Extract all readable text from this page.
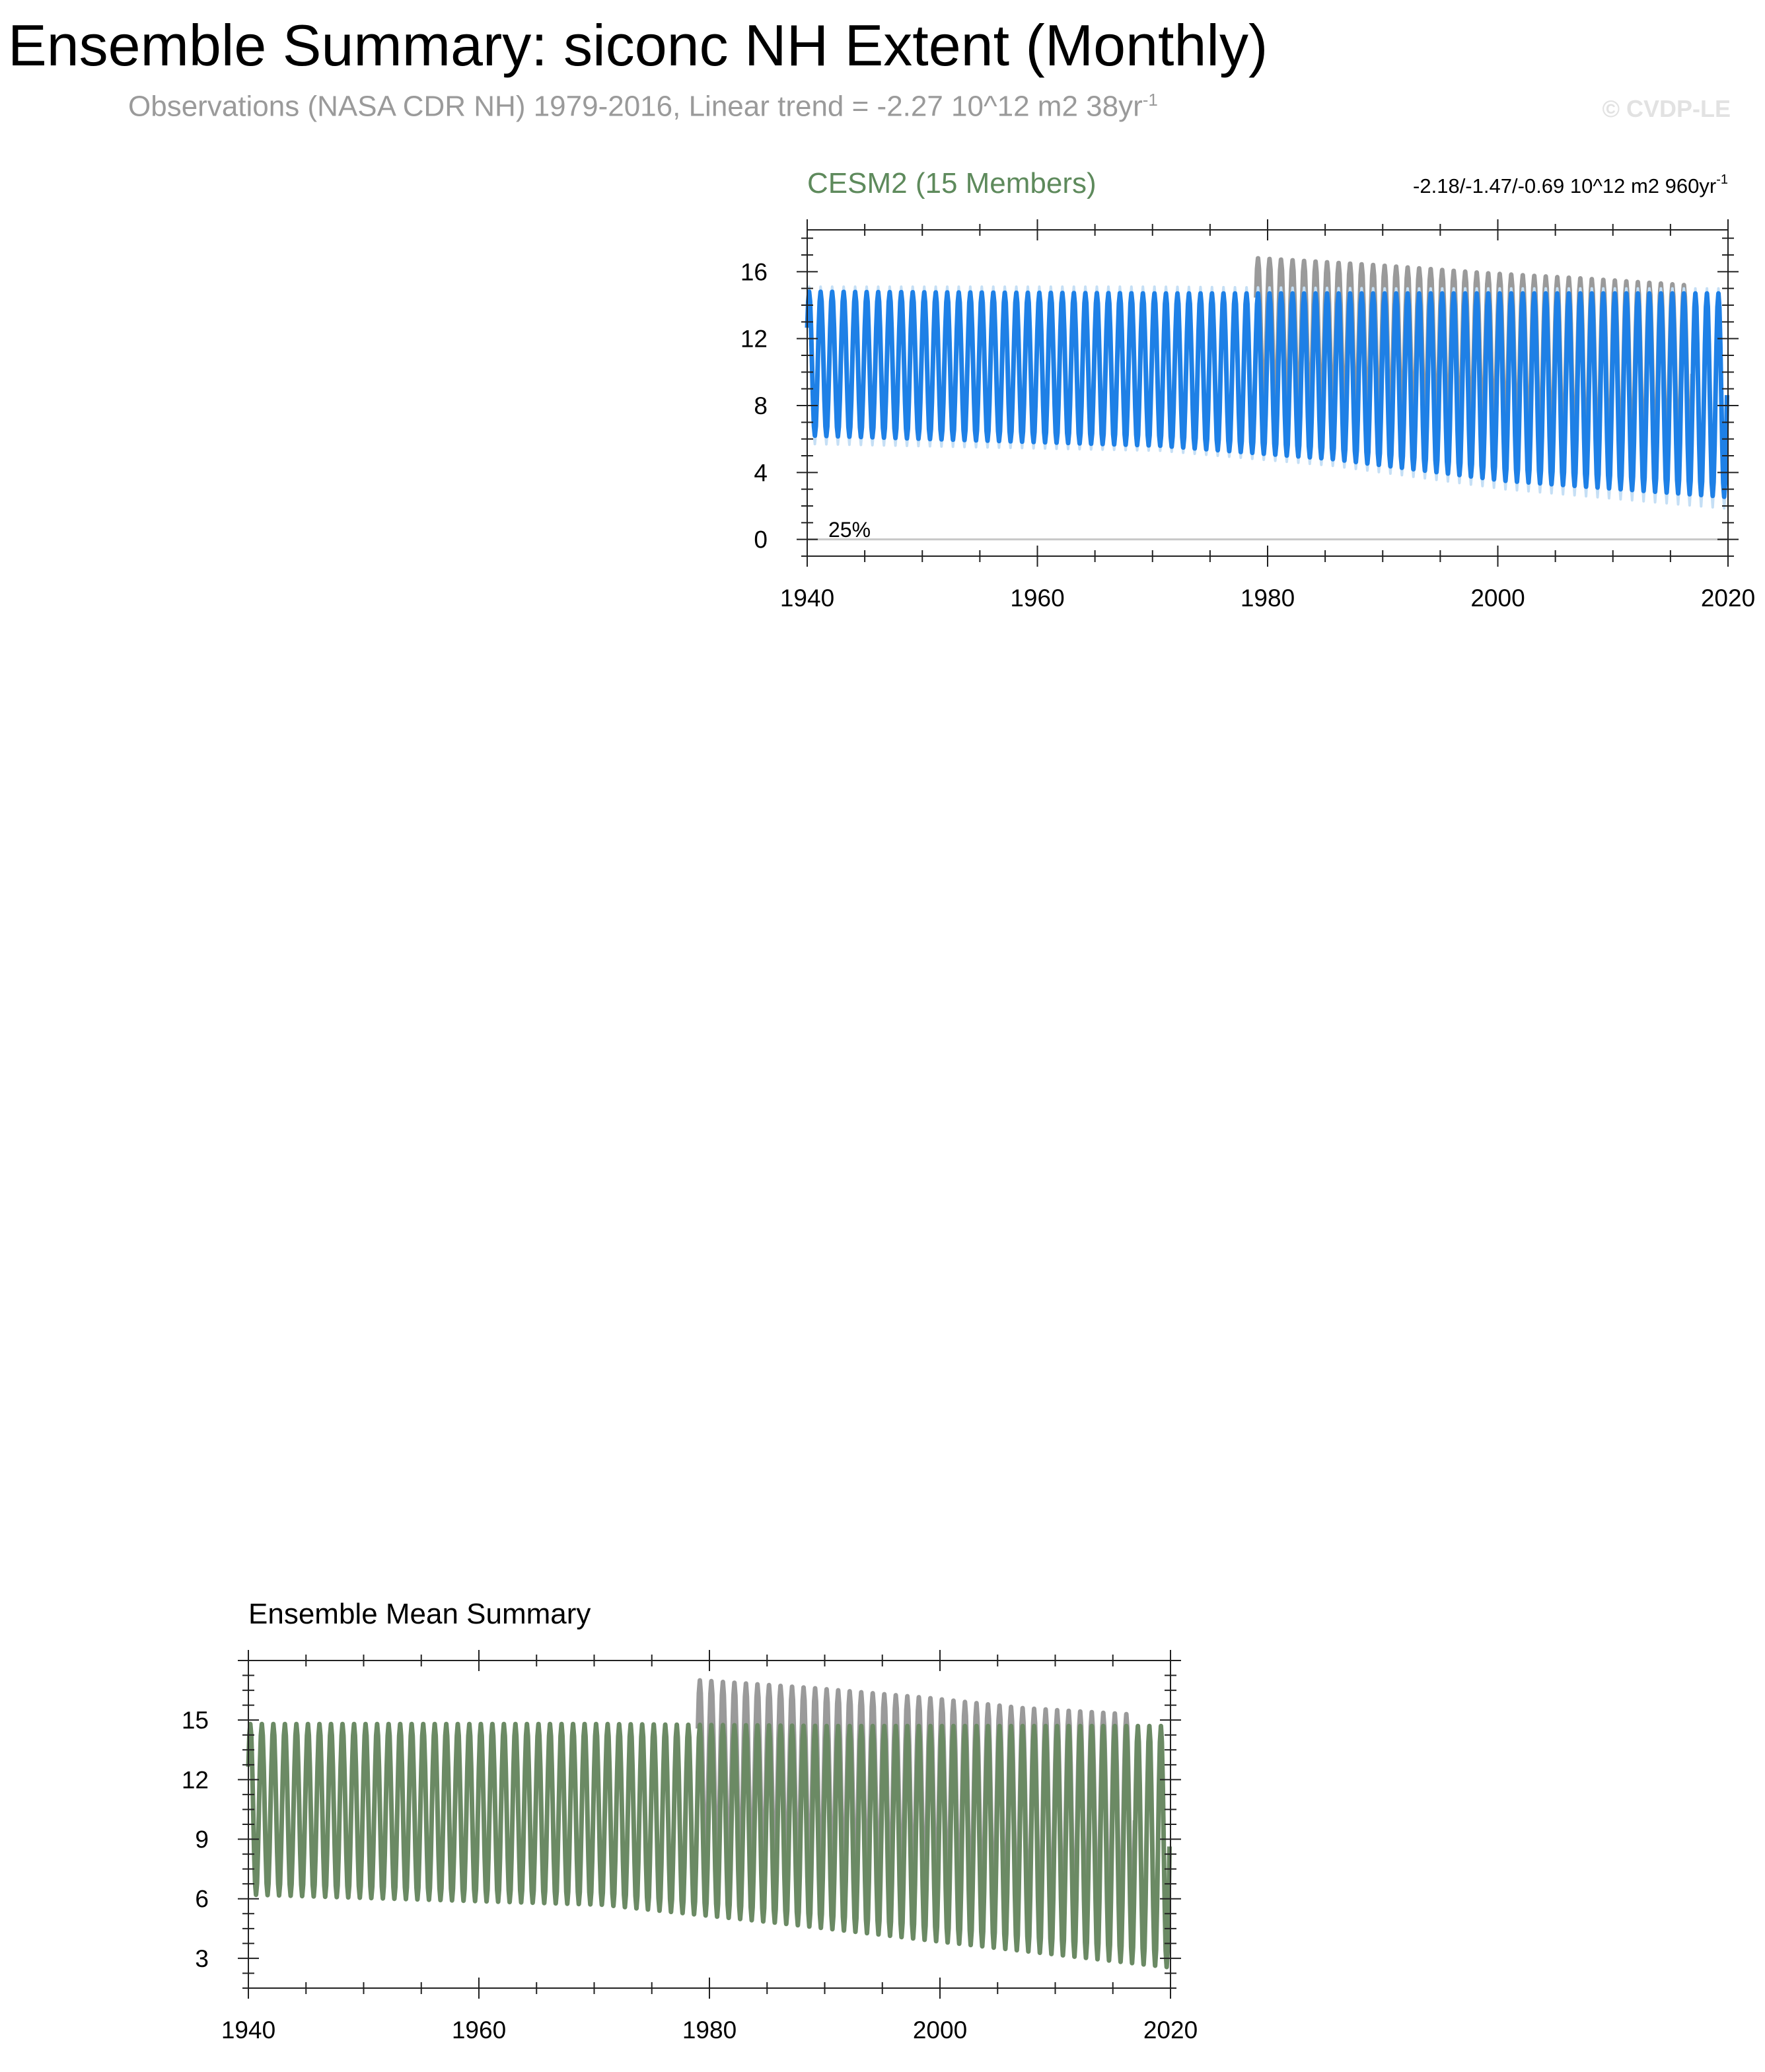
Ensemble Summary: siconc NH Extent (Monthly)
Observations (NASA CDR NH) 1979-2016, Linear trend = -2.27 10^12 m2 $38yr^{-1}$	© CVDP-LE
CESM2 (15 Members)	-2.18/-1.47/-0.69 10^12 m2 $960yr^{-1}$
25%
1940	1960	1980	2000	2020
0
4
8
12
16
Ensemble Mean Summary
1940	1960	1980	2000	2020
3
6
9
12
15
